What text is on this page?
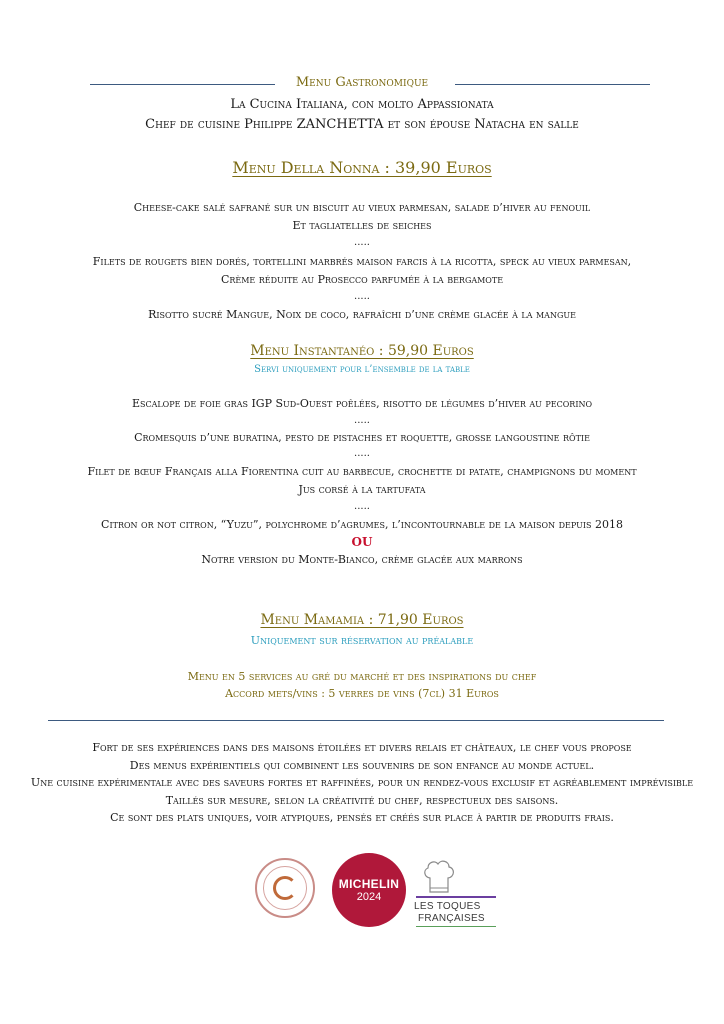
Menu Gastronomique
La Cucina Italiana, con molto Appassionata
Chef de cuisine Philippe ZANCHETTA et son épouse Natacha en salle
Menu Della Nonna : 39,90 Euros
Cheese-cake salé safrané sur un biscuit au vieux parmesan, salade d’hiver au fenouil
Et tagliatelles de seiches
.....
Filets de rougets bien dorés, tortellini marbrés maison farcis à la ricotta, speck au vieux parmesan,
Crème réduite au Prosecco parfumée à la bergamote
.....
Risotto sucré Mangue, Noix de coco, rafraîchi d’une crème glacée à la mangue
Menu Instantanéo : 59,90 Euros
Servi uniquement pour l’ensemble de la table
Escalope de foie gras IGP Sud-Ouest poêlées, risotto de légumes d’hiver au pecorino
.....
Cromesquis d’une buratina, pesto de pistaches et roquette, grosse langoustine rôtie
.....
Filet de bœuf Français alla Fiorentina cuit au barbecue, crochette di patate, champignons du moment
Jus corsé à la tartufata
.....
Citron or not citron, “Yuzu”, polychrome d’agrumes, l’incontournable de la maison depuis 2018
OU
Notre version du Monte-Bianco, crème glacée aux marrons
Menu Mamamia : 71,90 Euros
Uniquement sur réservation au préalable
Menu en 5 services au gré du marché et des inspirations du chef
Accord mets/vins : 5 verres de vins (7cl) 31 Euros
Fort de ses expériences dans des maisons étoilées et divers relais et châteaux, le chef vous propose
Des menus expérientiels qui combinent les souvenirs de son enfance au monde actuel.
Une cuisine expérimentale avec des saveurs fortes et raffinées, pour un rendez-vous exclusif et agréablement imprévisible
Taillés sur mesure, selon la créativité du chef, respectueux des saisons.
Ce sont des plats uniques, voir atypiques, pensés et créés sur place à partir de produits frais.
MICHELIN
2024
LES TOQUES
FRANÇAISES
